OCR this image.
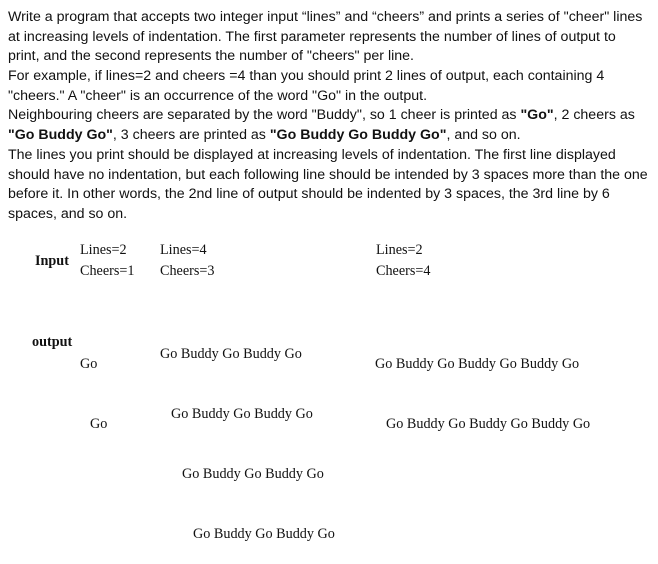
Write a program that accepts two integer input “lines” and “cheers” and prints a series of "cheer" lines at increasing levels of indentation. The first parameter represents the number of lines of output to print, and the second represents the number of "cheers" per line.

For example, if lines=2 and cheers =4 than you should print 2 lines of output, each containing 4 "cheers." A "cheer" is an occurrence of the word "Go" in the output.

Neighbouring cheers are separated by the word "Buddy", so 1 cheer is printed as "Go", 2 cheers as "Go Buddy Go", 3 cheers are printed as "Go Buddy Go Buddy Go", and so on.

The lines you print should be displayed at increasing levels of indentation. The first line displayed should have no indentation, but each following line should be intended by 3 spaces more than the one before it. In other words, the 2nd line of output should be indented by 3 spaces, the 3rd line by 6 spaces, and so on.

Input
output
Lines=2
Cheers=1

Go

Go

Lines=4
Cheers=3

Go Buddy Go Buddy Go

Go Buddy Go Buddy Go

Go Buddy Go Buddy Go

Go Buddy Go Buddy Go

Lines=2
Cheers=4

Go Buddy Go Buddy Go Buddy Go

Go Buddy Go Buddy Go Buddy Go
